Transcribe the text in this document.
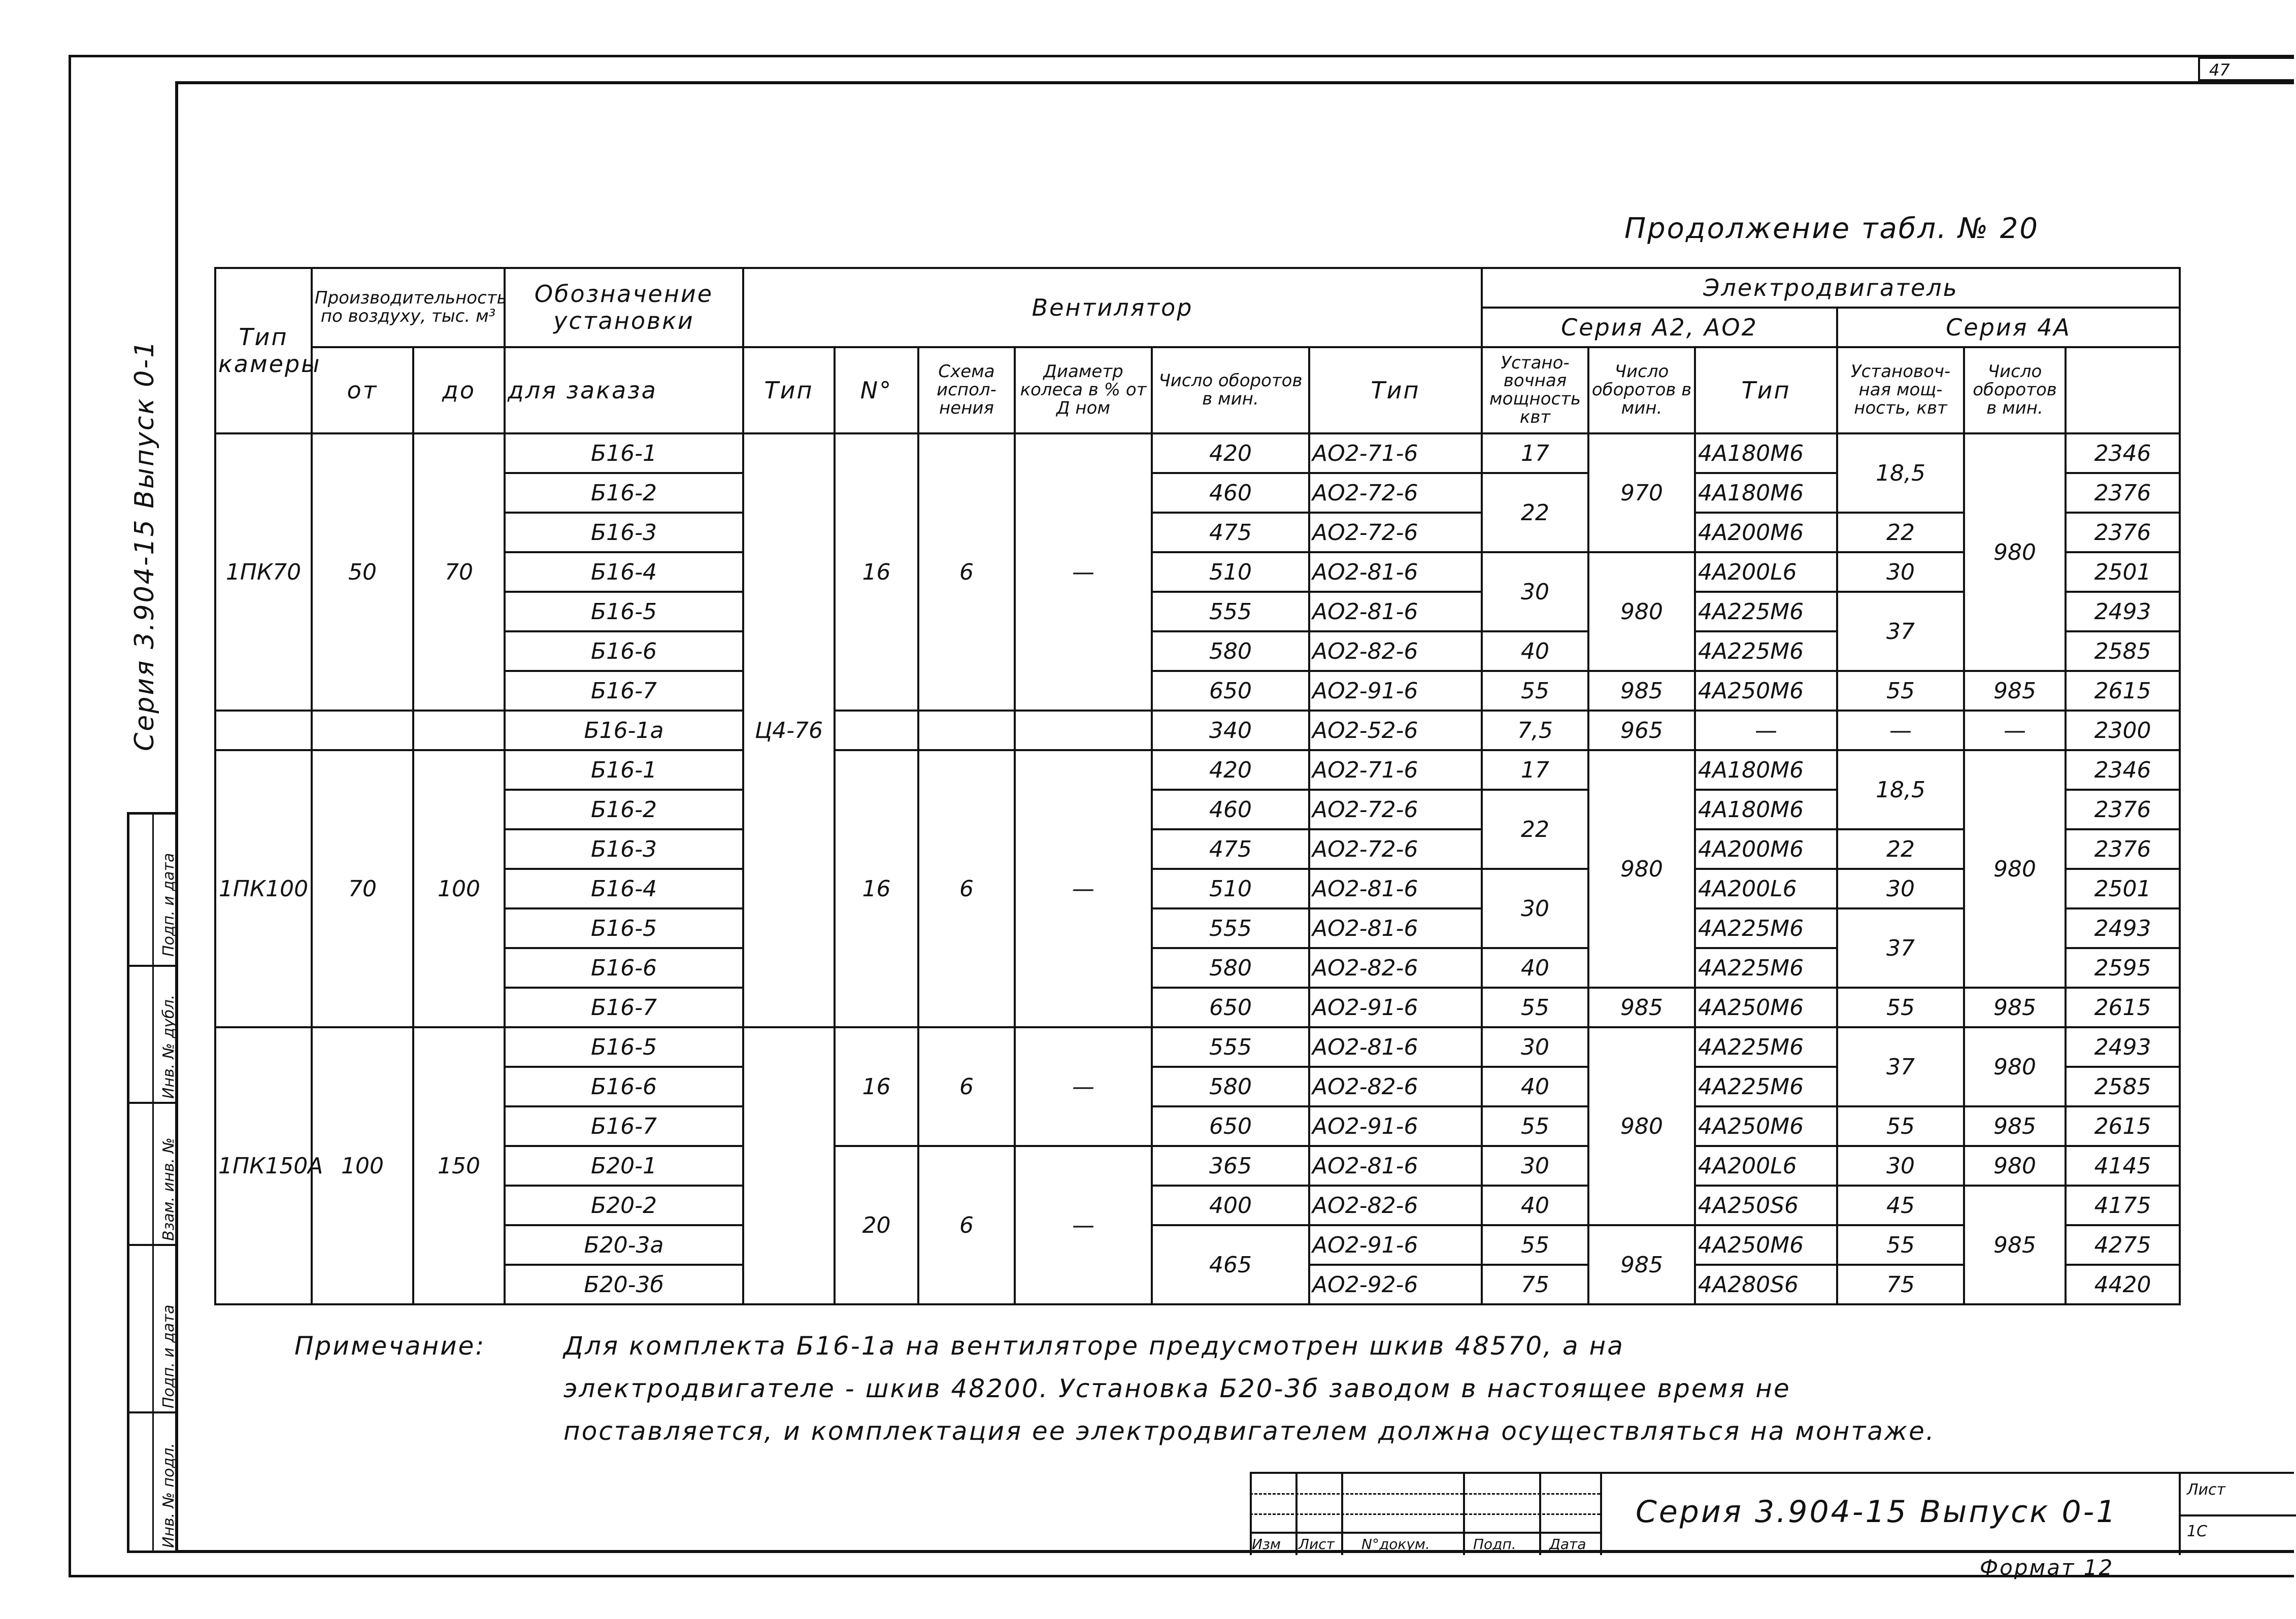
47
Серия 3.904-15 Выпуск 0-1
Подп. и дата
Инв. № дубл.
Взам. инв. №
Подп. и дата
Инв. № подл.
Продолжение табл. № 20
Тип камеры	Производительность по воздуху, тыс. м³		Обозначение установки	Вентилятор						Электродвигатель	
										Серия А2, АО2			Серия 4А			
	от	до	для заказа	Тип	N°	Схема испол-нения	Диаметр колеса в % от Д ном	Число оборотов в мин.	Тип	Устано-вочная мощность квт	Число оборотов в мин.	Тип	Установоч-ная мощ-ность, квт	Число оборотов в мин.		
1ПК70	50	70	Б16-1	Ц4-76	16	6	—	420	АО2-71-6	17	970	4А180М6	18,5	980	2346	
			Б16-2					460	АО2-72-6	22		4А180М6			2376	
			Б16-3					475	АО2-72-6			4А200М6	22		2376	
			Б16-4					510	АО2-81-6	30	980	4А200L6	30		2501	
			Б16-5					555	АО2-81-6			4А225М6	37		2493	
			Б16-6					580	АО2-82-6	40		4А225М6			2585	
			Б16-7					650	АО2-91-6	55	985	4А250М6	55	985	2615	
			Б16-1а					340	АО2-52-6	7,5	965	—	—	—	2300	
1ПК100	70	100	Б16-1		16	6	—	420	АО2-71-6	17	980	4А180М6	18,5	980	2346	
			Б16-2					460	АО2-72-6	22		4А180М6			2376	
			Б16-3					475	АО2-72-6			4А200М6	22		2376	
			Б16-4					510	АО2-81-6	30		4А200L6	30		2501	
			Б16-5					555	АО2-81-6			4А225М6	37		2493	
			Б16-6					580	АО2-82-6	40		4А225М6			2595	
			Б16-7					650	АО2-91-6	55	985	4А250М6	55	985	2615	
1ПК150А	100	150	Б16-5		16	6	—	555	АО2-81-6	30	980	4А225М6	37	980	2493	
			Б16-6					580	АО2-82-6	40		4А225М6			2585	
			Б16-7					650	АО2-91-6	55		4А250М6	55	985	2615	
			Б20-1		20	6	—	365	АО2-81-6	30		4А200L6	30	980	4145	
			Б20-2					400	АО2-82-6	40		4А250S6	45	985	4175	
			Б20-3а					465	АО2-91-6	55	985	4А250М6	55		4275	
			Б20-3б						АО2-92-6	75		4А280S6	75		4420	
Примечание:	Для комплекта Б16-1а на вентиляторе предусмотрен шкив 48570, а на
электродвигателе - шкив 48200. Установка Б20-3б заводом в настоящее время не
поставляется, и комплектация ее электродвигателем должна осуществляться на монтаже.
Изм Лист N°докум.	Подп. Дата
Серия 3.904-15 Выпуск 0-1
Лист
1С
Формат 12
